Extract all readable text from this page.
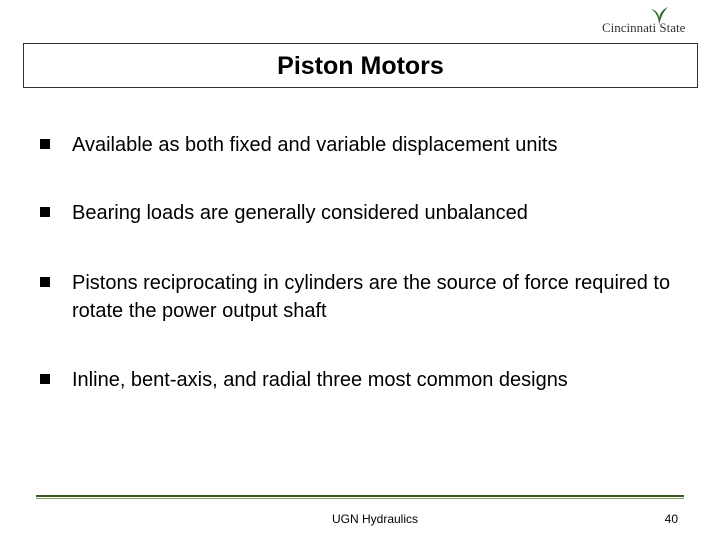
Cincinnati State
Piston Motors
Available as both fixed and variable displacement units
Bearing loads are generally considered unbalanced
Pistons reciprocating in cylinders are the source of force required to rotate the power output shaft
Inline, bent-axis, and radial three most common designs
UGN Hydraulics	40
